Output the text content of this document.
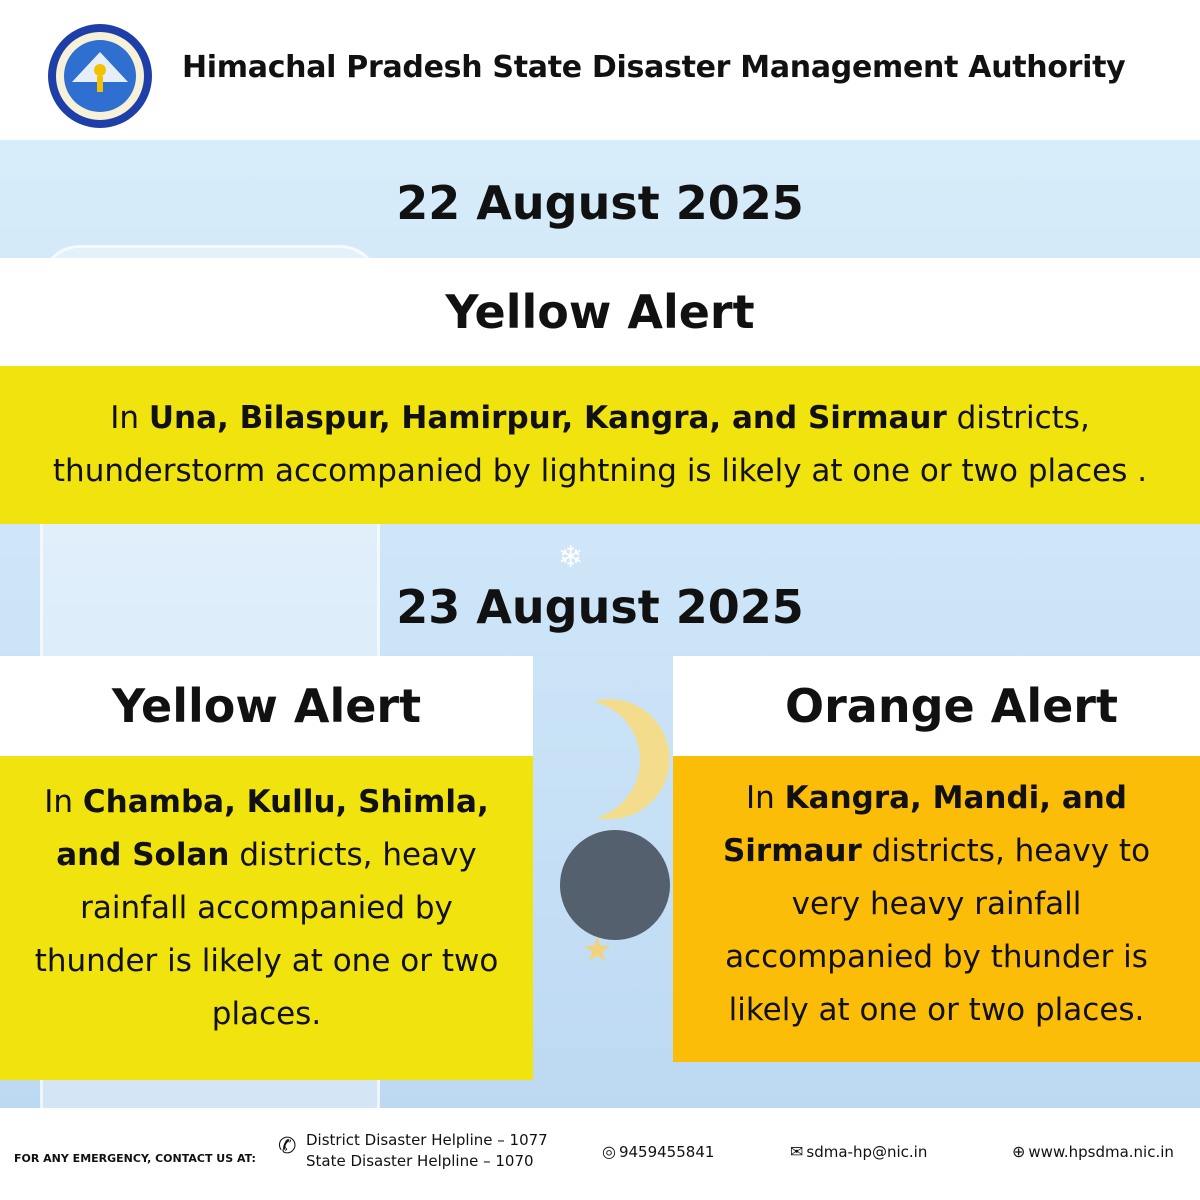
★
❄
Himachal Pradesh State Disaster Management Authority
22 August 2025
Yellow Alert
In Una, Bilaspur, Hamirpur, Kangra, and Sirmaur districts,
thunderstorm accompanied by lightning is likely at one or two places .
23 August 2025
Yellow Alert
In Chamba, Kullu, Shimla, and Solan districts, heavy rainfall accompanied by thunder is likely at one or two places.
Orange Alert
In Kangra, Mandi, and Sirmaur districts, heavy to very heavy rainfall accompanied by thunder is likely at one or two places.
FOR ANY EMERGENCY, CONTACT US AT: ✆ District Disaster Helpline – 1077
State Disaster Helpline – 1070	◎ 9459455841	✉ sdma-hp@nic.in	⊕ www.hpsdma.nic.in
